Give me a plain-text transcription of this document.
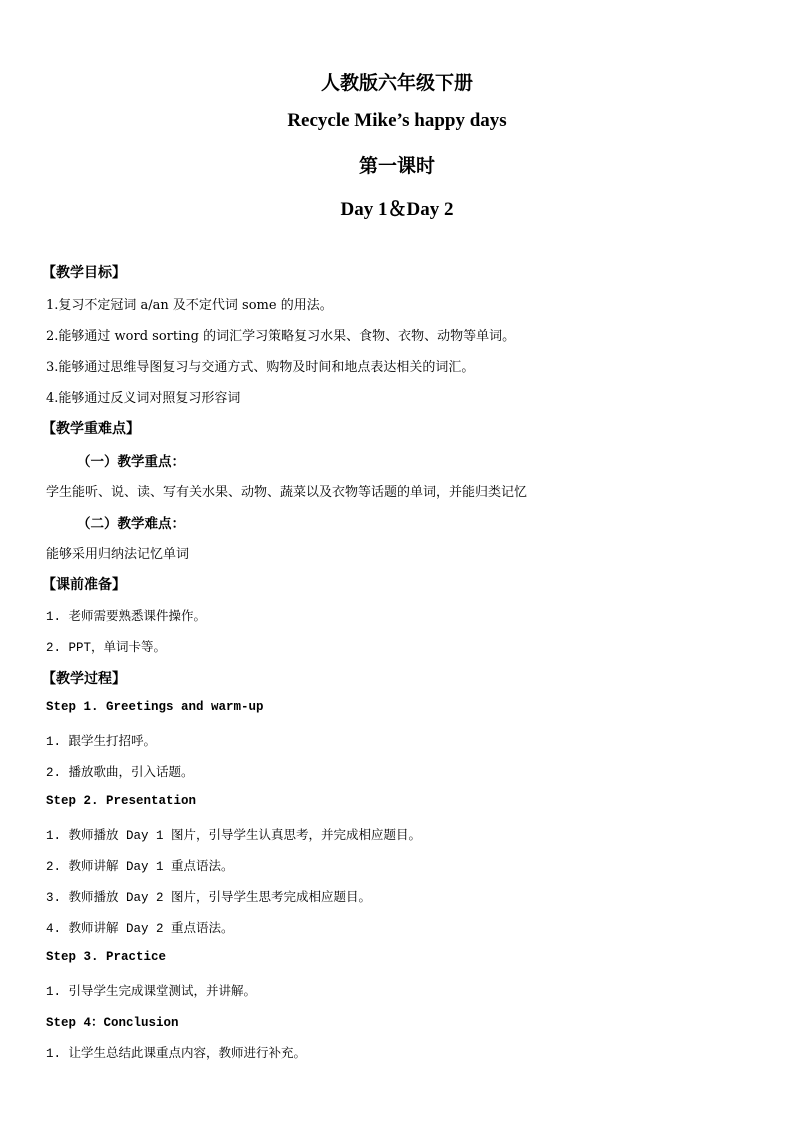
人教版六年级下册
Recycle Mike’s happy days
第一课时
Day 1＆Day 2
【教学目标】
1.复习不定冠词 a/an 及不定代词 some 的用法。
2.能够通过 word sorting 的词汇学习策略复习水果、食物、衣物、动物等单词。
3.能够通过思维导图复习与交通方式、购物及时间和地点表达相关的词汇。
4.能够通过反义词对照复习形容词
【教学重难点】
（一）教学重点：
学生能听、说、读、写有关水果、动物、蔬菜以及衣物等话题的单词，并能归类记忆
（二）教学难点：
能够采用归纳法记忆单词
【课前准备】
1. 老师需要熟悉课件操作。
2. PPT，单词卡等。
【教学过程】
Step 1. Greetings and warm-up
1. 跟学生打招呼。
2. 播放歌曲，引入话题。
Step 2. Presentation
1. 教师播放 Day 1 图片，引导学生认真思考，并完成相应题目。
2. 教师讲解 Day 1 重点语法。
3. 教师播放 Day 2 图片，引导学生思考完成相应题目。
4. 教师讲解 Day 2 重点语法。
Step 3. Practice
1. 引导学生完成课堂测试，并讲解。
Step 4：Conclusion
1. 让学生总结此课重点内容，教师进行补充。
